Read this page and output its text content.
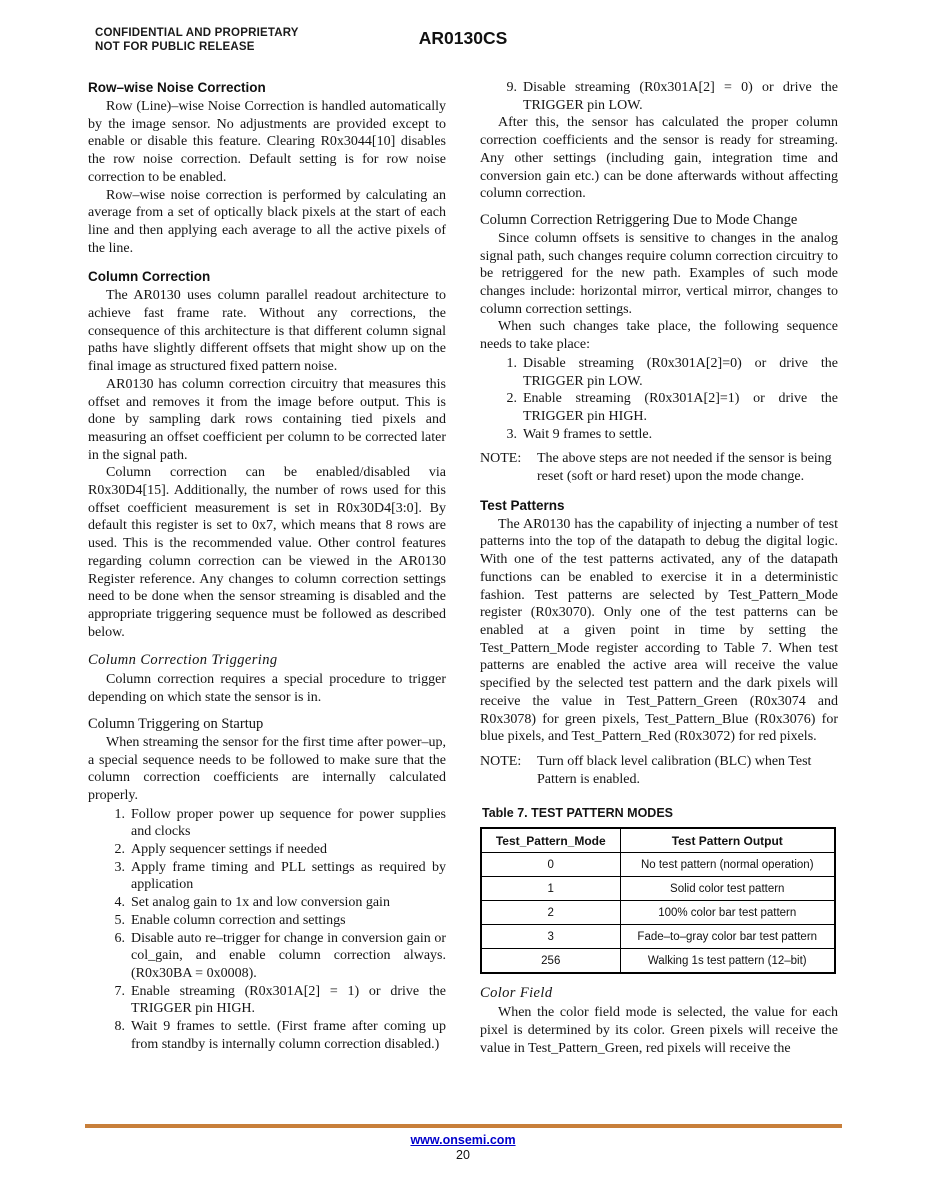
CONFIDENTIAL AND PROPRIETARY
NOT FOR PUBLIC RELEASE	AR0130CS
Row–wise Noise Correction

Row (Line)–wise Noise Correction is handled automatically by the image sensor. No adjustments are provided except to enable or disable this feature. Clearing R0x3044[10] disables the row noise correction. Default setting is for row noise correction to be enabled.

Row–wise noise correction is performed by calculating an average from a set of optically black pixels at the start of each line and then applying each average to all the active pixels of the line.

Column Correction

The AR0130 uses column parallel readout architecture to achieve fast frame rate. Without any corrections, the consequence of this architecture is that different column signal paths have slightly different offsets that might show up on the final image as structured fixed pattern noise.

AR0130 has column correction circuitry that measures this offset and removes it from the image before output. This is done by sampling dark rows containing tied pixels and measuring an offset coefficient per column to be corrected later in the signal path.

Column correction can be enabled/disabled via R0x30D4[15]. Additionally, the number of rows used for this offset coefficient measurement is set in R0x30D4[3:0]. By default this register is set to 0x7, which means that 8 rows are used. This is the recommended value. Other control features regarding column correction can be viewed in the AR0130 Register reference. Any changes to column correction settings need to be done when the sensor streaming is disabled and the appropriate triggering sequence must be followed as described below.

Column Correction Triggering

Column correction requires a special procedure to trigger depending on which state the sensor is in.

Column Triggering on Startup

When streaming the sensor for the first time after power–up, a special sequence needs to be followed to make sure that the column correction coefficients are internally calculated properly.

1. Follow proper power up sequence for power supplies and clocks
2. Apply sequencer settings if needed
3. Apply frame timing and PLL settings as required by application
4. Set analog gain to 1x and low conversion gain
5. Enable column correction and settings
6. Disable auto re–trigger for change in conversion gain or col_gain, and enable column correction always. (R0x30BA = 0x0008).
7. Enable streaming (R0x301A[2] = 1) or drive the TRIGGER pin HIGH.
8. Wait 9 frames to settle. (First frame after coming up from standby is internally column correction disabled.)
9. Disable streaming (R0x301A[2] = 0) or drive the TRIGGER pin LOW.

After this, the sensor has calculated the proper column correction coefficients and the sensor is ready for streaming. Any other settings (including gain, integration time and conversion gain etc.) can be done afterwards without affecting column correction.

Column Correction Retriggering Due to Mode Change

Since column offsets is sensitive to changes in the analog signal path, such changes require column correction circuitry to be retriggered for the new path. Examples of such mode changes include: horizontal mirror, vertical mirror, changes to column correction settings.

When such changes take place, the following sequence needs to take place:

1. Disable streaming (R0x301A[2]=0) or drive the TRIGGER pin LOW.
2. Enable streaming (R0x301A[2]=1) or drive the TRIGGER pin HIGH.
3. Wait 9 frames to settle.
NOTE:	The above steps are not needed if the sensor is being reset (soft or hard reset) upon the mode change.
Test Patterns

The AR0130 has the capability of injecting a number of test patterns into the top of the datapath to debug the digital logic. With one of the test patterns activated, any of the datapath functions can be enabled to exercise it in a deterministic fashion. Test patterns are selected by Test_Pattern_Mode register (R0x3070). Only one of the test patterns can be enabled at a given point in time by setting the Test_Pattern_Mode register according to Table 7. When test patterns are enabled the active area will receive the value specified by the selected test pattern and the dark pixels will receive the value in Test_Pattern_Green (R0x3074 and R0x3078) for green pixels, Test_Pattern_Blue (R0x3076) for blue pixels, and Test_Pattern_Red (R0x3072) for red pixels.

NOTE:	Turn off black level calibration (BLC) when Test Pattern is enabled.
Table 7. TEST PATTERN MODES
Test_Pattern_Mode	Test Pattern Output
0	No test pattern (normal operation)
1	Solid color test pattern
2	100% color bar test pattern
3	Fade–to–gray color bar test pattern
256	Walking 1s test pattern (12–bit)
Color Field

When the color field mode is selected, the value for each pixel is determined by its color. Green pixels will receive the value in Test_Pattern_Green, red pixels will receive the

www.onsemi.com
20
